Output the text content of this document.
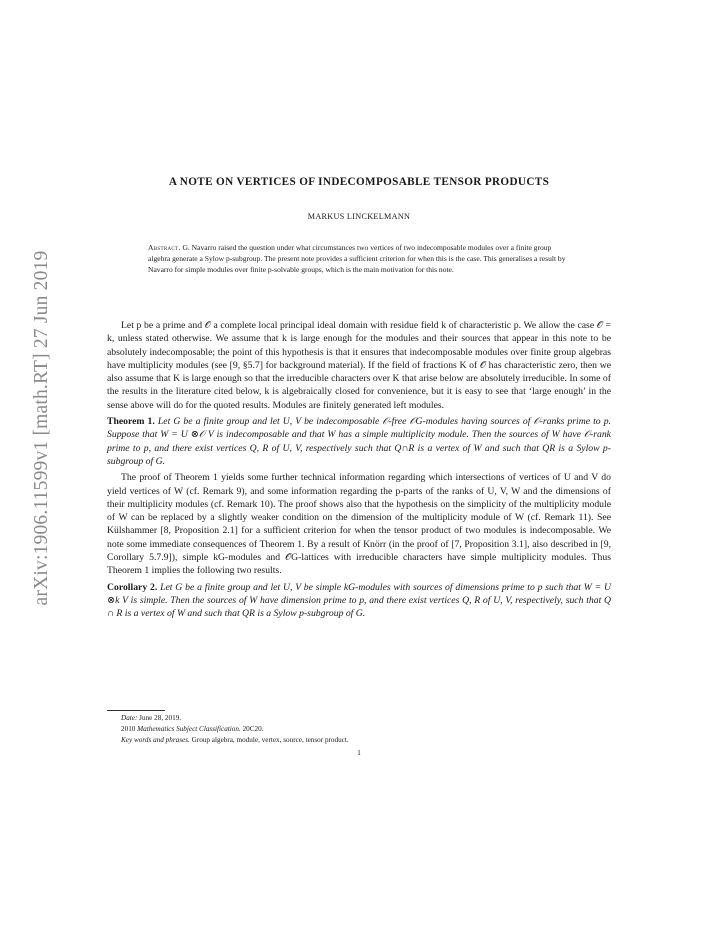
arXiv:1906.11599v1 [math.RT] 27 Jun 2019
A NOTE ON VERTICES OF INDECOMPOSABLE TENSOR PRODUCTS
MARKUS LINCKELMANN
Abstract. G. Navarro raised the question under what circumstances two vertices of two indecomposable modules over a finite group algebra generate a Sylow p-subgroup. The present note provides a sufficient criterion for when this is the case. This generalises a result by Navarro for simple modules over finite p-solvable groups, which is the main motivation for this note.

Let p be a prime and 𝒪 a complete local principal ideal domain with residue field k of characteristic p. We allow the case 𝒪 = k, unless stated otherwise. We assume that k is large enough for the modules and their sources that appear in this note to be absolutely indecomposable; the point of this hypothesis is that it ensures that indecomposable modules over finite group algebras have multiplicity modules (see [9, §5.7] for background material). If the field of fractions K of 𝒪 has characteristic zero, then we also assume that K is large enough so that the irreducible characters over K that arise below are absolutely irreducible. In some of the results in the literature cited below, k is algebraically closed for convenience, but it is easy to see that ‘large enough’ in the sense above will do for the quoted results. Modules are finitely generated left modules.

Theorem 1. Let G be a finite group and let U, V be indecomposable 𝒪-free 𝒪G-modules having sources of 𝒪-ranks prime to p. Suppose that W = U ⊗𝒪 V is indecomposable and that W has a simple multiplicity module. Then the sources of W have 𝒪-rank prime to p, and there exist vertices Q, R of U, V, respectively such that Q∩R is a vertex of W and such that QR is a Sylow p-subgroup of G.

The proof of Theorem 1 yields some further technical information regarding which intersections of vertices of U and V do yield vertices of W (cf. Remark 9), and some information regarding the p-parts of the ranks of U, V, W and the dimensions of their multiplicity modules (cf. Remark 10). The proof shows also that the hypothesis on the simplicity of the multiplicity module of W can be replaced by a slightly weaker condition on the dimension of the multiplicity module of W (cf. Remark 11). See Külshammer [8, Proposition 2.1] for a sufficient criterion for when the tensor product of two modules is indecomposable. We note some immediate consequences of Theorem 1. By a result of Knörr (in the proof of [7, Proposition 3.1], also described in [9, Corollary 5.7.9]), simple kG-modules and 𝒪G-lattices with irreducible characters have simple multiplicity modules. Thus Theorem 1 implies the following two results.

Corollary 2. Let G be a finite group and let U, V be simple kG-modules with sources of dimensions prime to p such that W = U ⊗k V is simple. Then the sources of W have dimension prime to p, and there exist vertices Q, R of U, V, respectively, such that Q ∩ R is a vertex of W and such that QR is a Sylow p-subgroup of G.

Date: June 28, 2019.
2010 Mathematics Subject Classification. 20C20.
Key words and phrases. Group algebra, module, vertex, source, tensor product.
1
